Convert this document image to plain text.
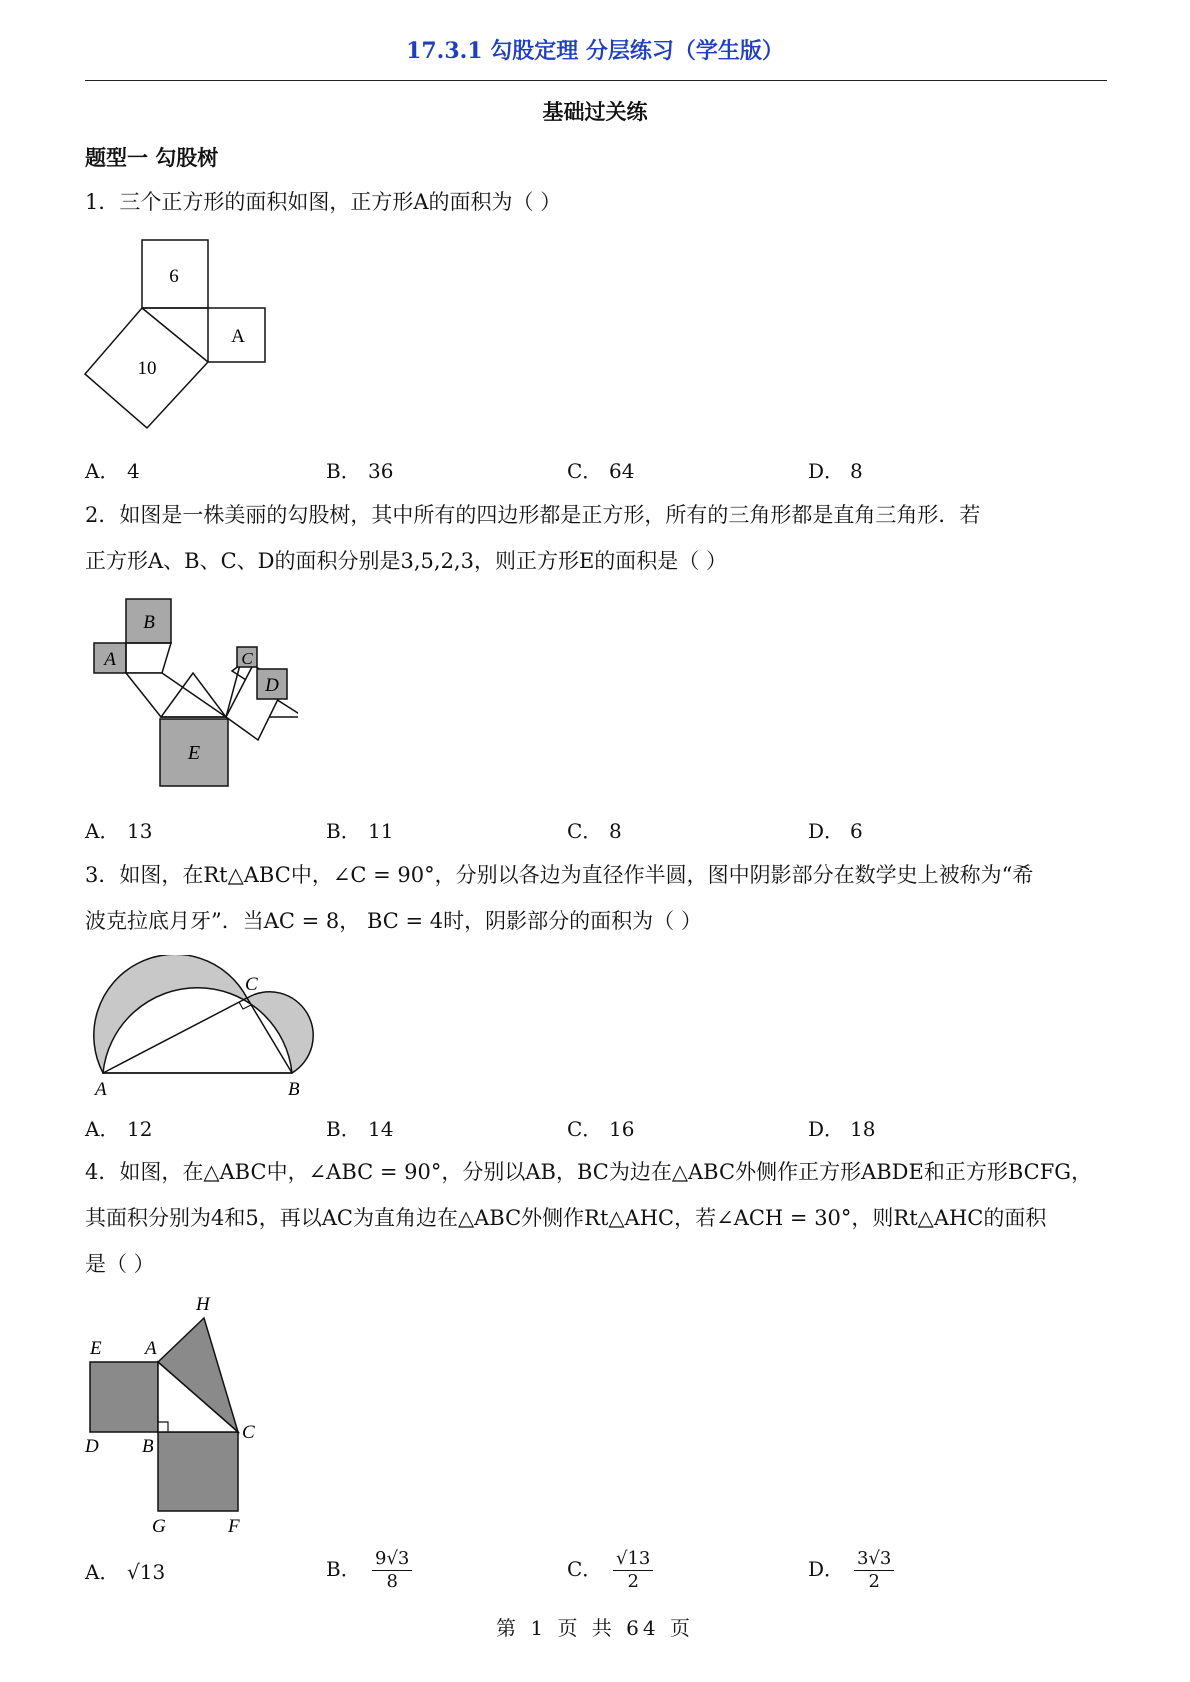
17.3.1 勾股定理 分层练习（学生版）
基础过关练
题型一 勾股树
1．三个正方形的面积如图，正方形A的面积为（ ）
6
A
10
A． 4	B． 36	C． 64	D． 8
2．如图是一株美丽的勾股树，其中所有的四边形都是正方形，所有的三角形都是直角三角形．若
正方形A、B、C、D的面积分别是3,5,2,3，则正方形E的面积是（ ）
B
A	C
D
E
A． 13	B． 11	C． 8	D． 6
3．如图，在Rt△ABC中，∠C = 90°，分别以各边为直径作半圆，图中阴影部分在数学史上被称为“希
波克拉底月牙”．当AC = 8， BC = 4时，阴影部分的面积为（ ）
A	B
C
A． 12	B． 14	C． 16	D． 18
4．如图，在△ABC中，∠ABC = 90°，分别以AB，BC为边在△ABC外侧作正方形ABDE和正方形BCFG，
其面积分别为4和5，再以AC为直角边在△ABC外侧作Rt△AHC，若∠ACH = 30°，则Rt△AHC的面积
是（ ）
E A
H
D B
C
G	F
A． √13	B． $\frac{9√3}{8}$	C． $\frac{√13}{2}$	D． $\frac{3√3}{2}$
第 1 页 共 64 页
